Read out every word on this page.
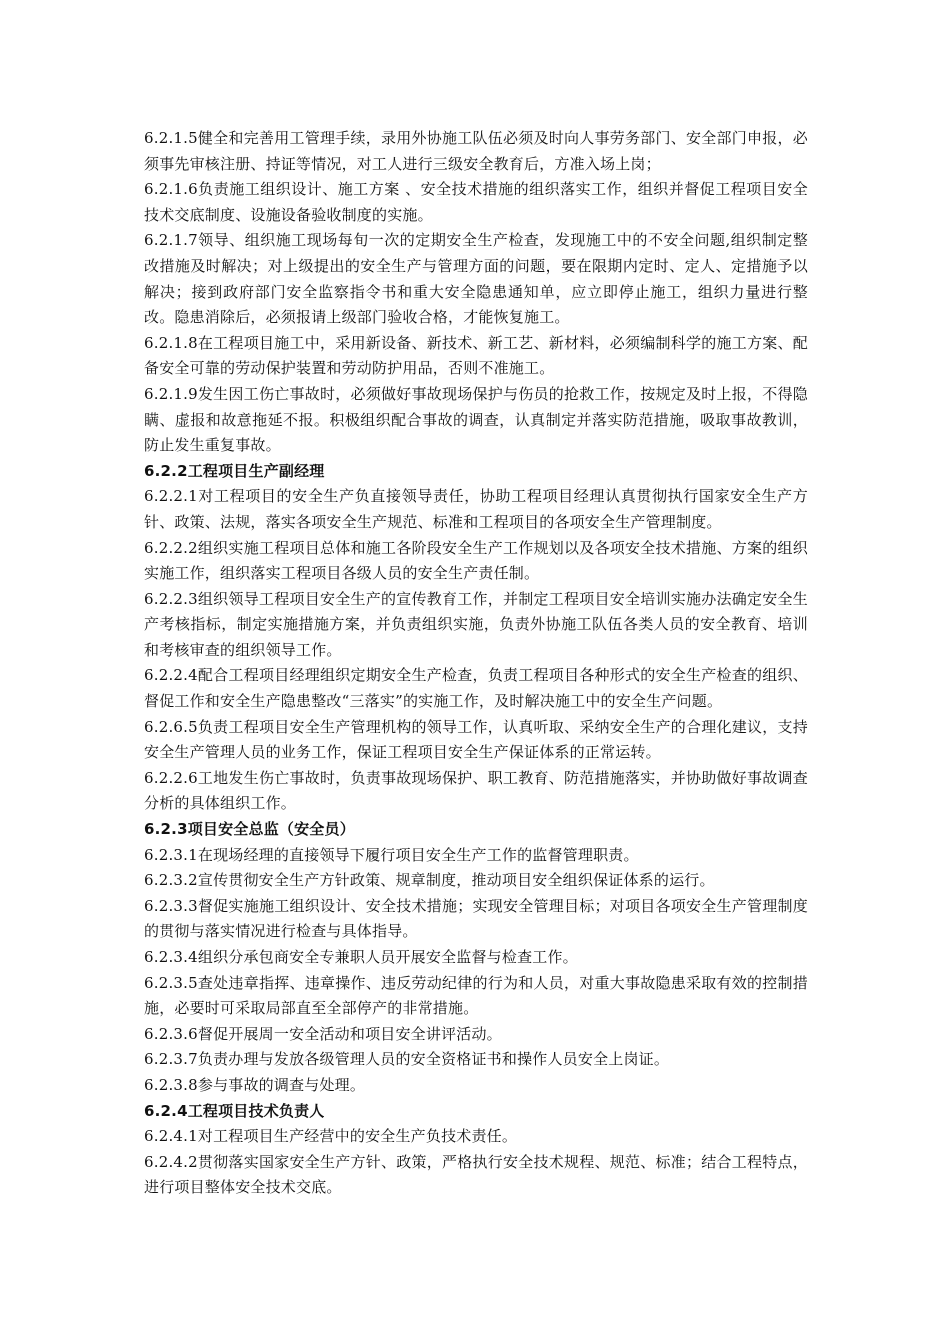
6.2.1.5健全和完善用工管理手续，录用外协施工队伍必须及时向人事劳务部门、安全部门申报，必须事先审核注册、持证等情况，对工人进行三级安全教育后，方准入场上岗；

6.2.1.6负责施工组织设计、施工方案 、安全技术措施的组织落实工作，组织并督促工程项目安全技术交底制度、设施设备验收制度的实施。

6.2.1.7领导、组织施工现场每旬一次的定期安全生产检查，发现施工中的不安全问题,组织制定整改措施及时解决；对上级提出的安全生产与管理方面的问题，要在限期内定时、定人、定措施予以解决；接到政府部门安全监察指令书和重大安全隐患通知单，应立即停止施工，组织力量进行整改。隐患消除后，必须报请上级部门验收合格，才能恢复施工。

6.2.1.8在工程项目施工中，采用新设备、新技术、新工艺、新材料，必须编制科学的施工方案、配备安全可靠的劳动保护装置和劳动防护用品，否则不准施工。

6.2.1.9发生因工伤亡事故时，必须做好事故现场保护与伤员的抢救工作，按规定及时上报，不得隐瞒、虚报和故意拖延不报。积极组织配合事故的调查，认真制定并落实防范措施，吸取事故教训，防止发生重复事故。

6.2.2工程项目生产副经理

6.2.2.1对工程项目的安全生产负直接领导责任，协助工程项目经理认真贯彻执行国家安全生产方针、政策、法规，落实各项安全生产规范、标准和工程项目的各项安全生产管理制度。

6.2.2.2组织实施工程项目总体和施工各阶段安全生产工作规划以及各项安全技术措施、方案的组织实施工作，组织落实工程项目各级人员的安全生产责任制。

6.2.2.3组织领导工程项目安全生产的宣传教育工作，并制定工程项目安全培训实施办法确定安全生产考核指标，制定实施措施方案，并负责组织实施，负责外协施工队伍各类人员的安全教育、培训和考核审查的组织领导工作。

6.2.2.4配合工程项目经理组织定期安全生产检查，负责工程项目各种形式的安全生产检查的组织、督促工作和安全生产隐患整改“三落实”的实施工作，及时解决施工中的安全生产问题。

6.2.6.5负责工程项目安全生产管理机构的领导工作，认真听取、采纳安全生产的合理化建议，支持安全生产管理人员的业务工作，保证工程项目安全生产保证体系的正常运转。

6.2.2.6工地发生伤亡事故时，负责事故现场保护、职工教育、防范措施落实，并协助做好事故调查分析的具体组织工作。

6.2.3项目安全总监（安全员）

6.2.3.1在现场经理的直接领导下履行项目安全生产工作的监督管理职责。

6.2.3.2宣传贯彻安全生产方针政策、规章制度，推动项目安全组织保证体系的运行。

6.2.3.3督促实施施工组织设计、安全技术措施；实现安全管理目标；对项目各项安全生产管理制度的贯彻与落实情况进行检查与具体指导。

6.2.3.4组织分承包商安全专兼职人员开展安全监督与检查工作。

6.2.3.5查处违章指挥、违章操作、违反劳动纪律的行为和人员，对重大事故隐患采取有效的控制措施，必要时可采取局部直至全部停产的非常措施。

6.2.3.6督促开展周一安全活动和项目安全讲评活动。

6.2.3.7负责办理与发放各级管理人员的安全资格证书和操作人员安全上岗证。

6.2.3.8参与事故的调查与处理。

6.2.4工程项目技术负责人

6.2.4.1对工程项目生产经营中的安全生产负技术责任。

6.2.4.2贯彻落实国家安全生产方针、政策，严格执行安全技术规程、规范、标准；结合工程特点，进行项目整体安全技术交底。
